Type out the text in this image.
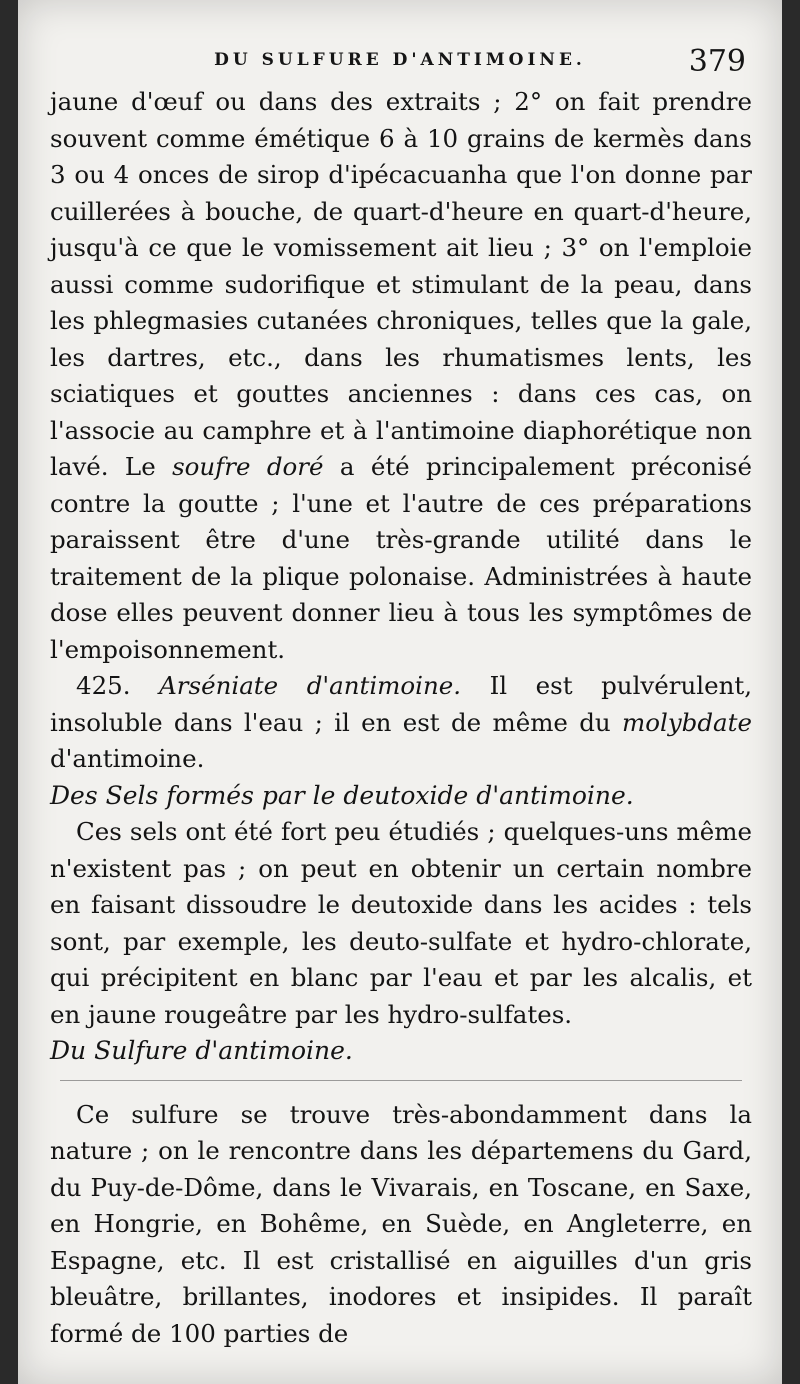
DU SULFURE D'ANTIMOINE.	379

jaune d'œuf ou dans des extraits ; 2° on fait prendre souvent comme émétique 6 à 10 grains de kermès dans 3 ou 4 onces de sirop d'ipécacuanha que l'on donne par cuillerées à bouche, de quart-d'heure en quart-d'heure, jusqu'à ce que le vomissement ait lieu ; 3° on l'emploie aussi comme sudorifique et stimulant de la peau, dans les phlegmasies cutanées chroniques, telles que la gale, les dartres, etc., dans les rhumatismes lents, les sciatiques et gouttes anciennes : dans ces cas, on l'associe au camphre et à l'antimoine diaphorétique non lavé. Le soufre doré a été principalement préconisé contre la goutte ; l'une et l'autre de ces préparations paraissent être d'une très-grande utilité dans le traitement de la plique polonaise. Administrées à haute dose elles peuvent donner lieu à tous les symptômes de l'empoisonnement.

425. Arséniate d'antimoine. Il est pulvérulent, insoluble dans l'eau ; il en est de même du molybdate d'antimoine.

Des Sels formés par le deutoxide d'antimoine.

Ces sels ont été fort peu étudiés ; quelques-uns même n'existent pas ; on peut en obtenir un certain nombre en faisant dissoudre le deutoxide dans les acides : tels sont, par exemple, les deuto-sulfate et hydro-chlorate, qui précipitent en blanc par l'eau et par les alcalis, et en jaune rougeâtre par les hydro-sulfates.

Du Sulfure d'antimoine.

Ce sulfure se trouve très-abondamment dans la nature ; on le rencontre dans les départemens du Gard, du Puy-de-Dôme, dans le Vivarais, en Toscane, en Saxe, en Hongrie, en Bohême, en Suède, en Angleterre, en Espagne, etc. Il est cristallisé en aiguilles d'un gris bleuâtre, brillantes, inodores et insipides. Il paraît formé de 100 parties de
